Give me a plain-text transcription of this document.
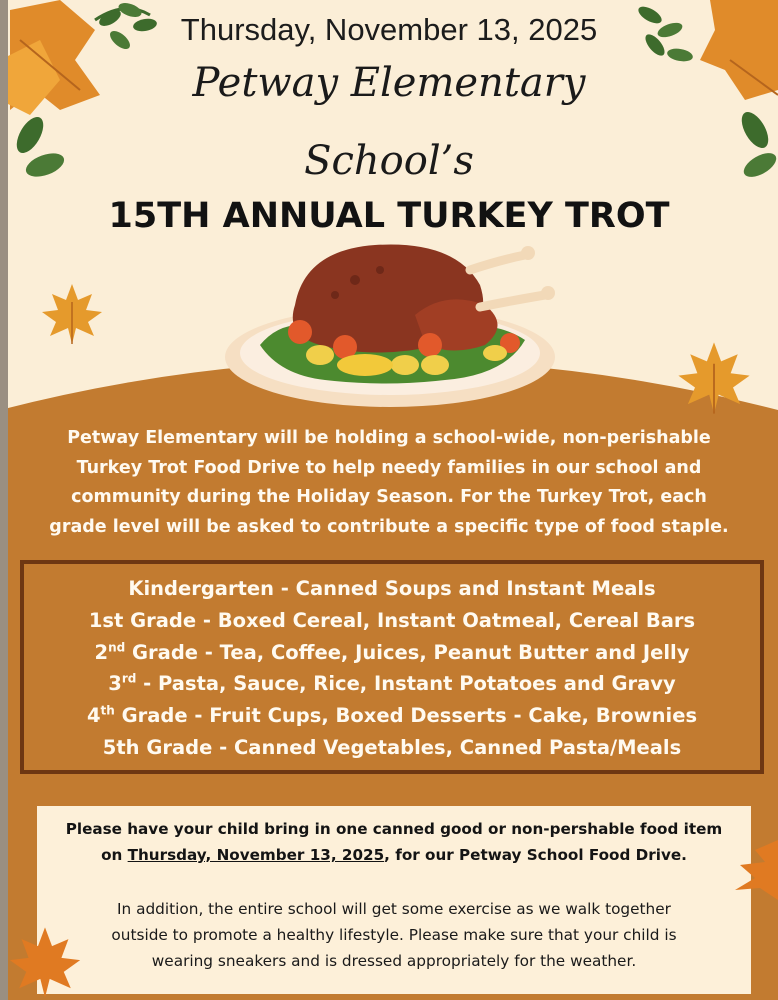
Thursday, November 13, 2025
Petway Elementary
School’s
15TH ANNUAL TURKEY TROT
Petway Elementary will be holding a school-wide, non-perishable
Turkey Trot Food Drive to help needy families in our school and
community during the Holiday Season. For the Turkey Trot, each
grade level will be asked to contribute a specific type of food staple.
Kindergarten - Canned Soups and Instant Meals
1st Grade - Boxed Cereal, Instant Oatmeal, Cereal Bars
2nd Grade - Tea, Coffee, Juices, Peanut Butter and Jelly
3rd - Pasta, Sauce, Rice, Instant Potatoes and Gravy
4th Grade - Fruit Cups, Boxed Desserts - Cake, Brownies
5th Grade - Canned Vegetables, Canned Pasta/Meals
Please have your child bring in one canned good or non-pershable food item
on Thursday, November 13, 2025, for our Petway School Food Drive.
In addition, the entire school will get some exercise as we walk together
outside to promote a healthy lifestyle. Please make sure that your child is
wearing sneakers and is dressed appropriately for the weather.
